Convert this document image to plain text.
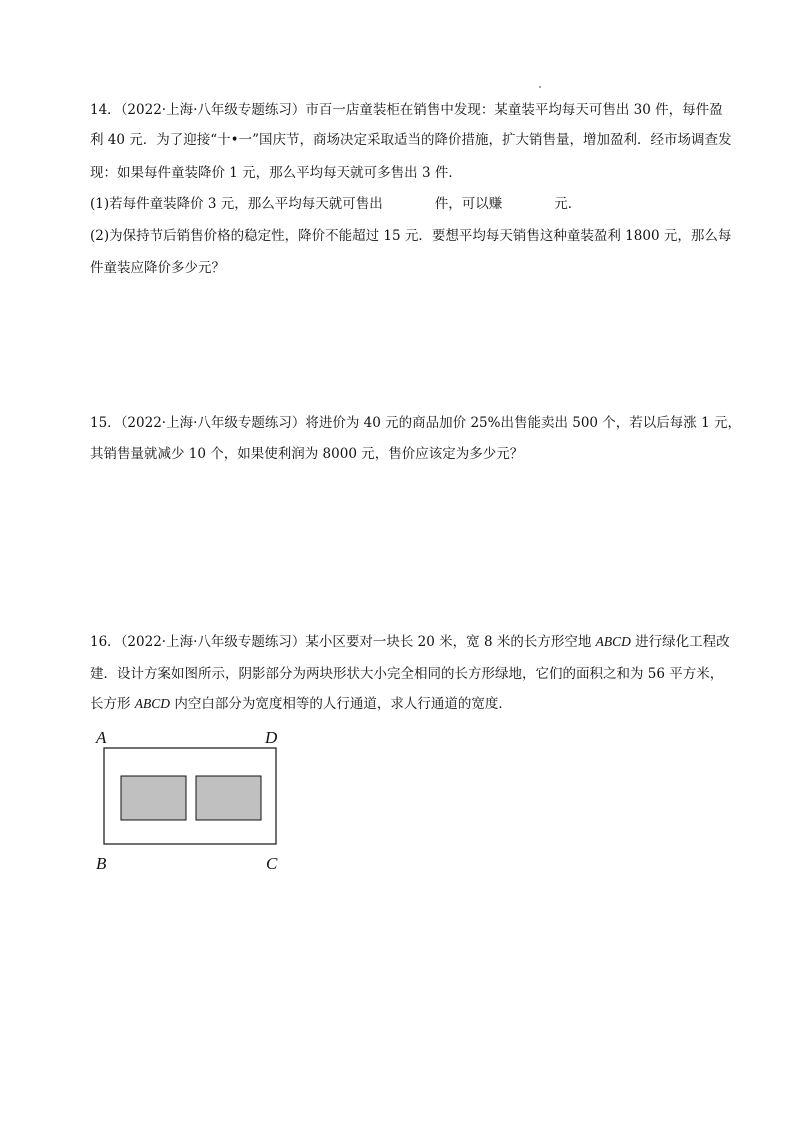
14．（2022·上海·八年级专题练习）市百一店童装柜在销售中发现：某童装平均每天可售出 30 件，每件盈
利 40 元．为了迎接“十•一”国庆节，商场决定采取适当的降价措施，扩大销售量，增加盈利．经市场调查发
现：如果每件童装降价 1 元，那么平均每天就可多售出 3 件．
(1)若每件童装降价 3 元，那么平均每天就可售出	件，可以赚	元．
(2)为保持节后销售价格的稳定性，降价不能超过 15 元．要想平均每天销售这种童装盈利 1800 元，那么每
件童装应降价多少元？
15．（2022·上海·八年级专题练习）将进价为 40 元的商品加价 25%出售能卖出 500 个，若以后每涨 1 元，
其销售量就减少 10 个，如果使利润为 8000 元，售价应该定为多少元？
16．（2022·上海·八年级专题练习）某小区要对一块长 20 米，宽 8 米的长方形空地 ABCD 进行绿化工程改
建．设计方案如图所示，阴影部分为两块形状大小完全相同的长方形绿地，它们的面积之和为 56 平方米，
长方形 ABCD 内空白部分为宽度相等的人行通道，求人行通道的宽度．
A	D
B	C
